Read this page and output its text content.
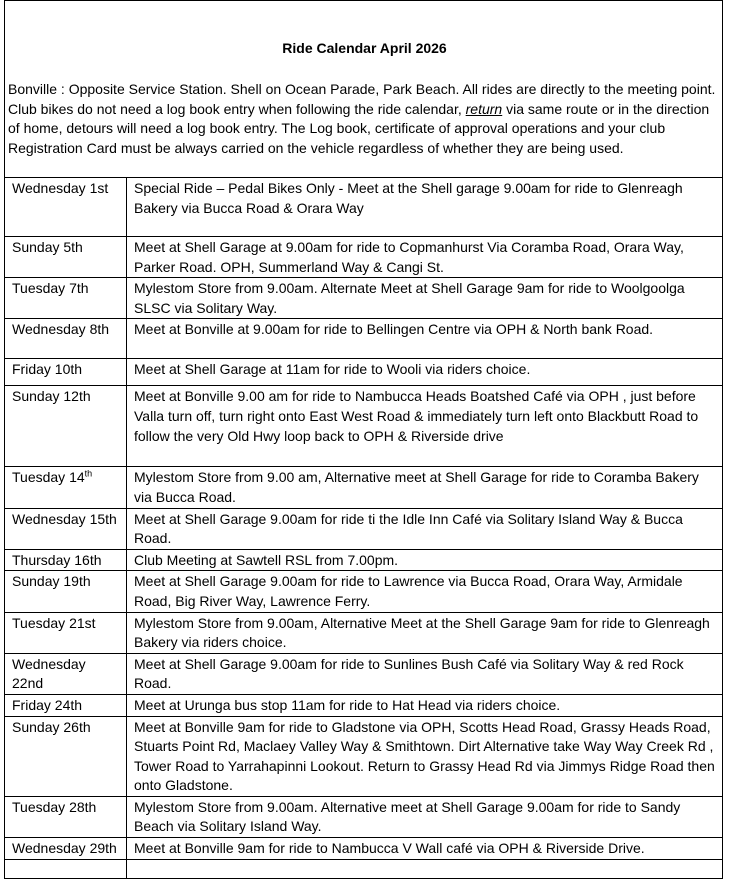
Ride Calendar April 2026
Bonville : Opposite Service Station. Shell on Ocean Parade, Park Beach. All rides are directly to the meeting point. Club bikes do not need a log book entry when following the ride calendar, return via same route or in the direction of home, detours will need a log book entry. The Log book, certificate of approval operations and your club Registration Card must be always carried on the vehicle regardless of whether they are being used.
Wednesday 1st	Special Ride – Pedal Bikes Only - Meet at the Shell garage 9.00am for ride to Glenreagh Bakery via Bucca Road & Orara Way
Sunday 5th	Meet at Shell Garage at 9.00am for ride to Copmanhurst Via Coramba Road, Orara Way, Parker Road. OPH, Summerland Way & Cangi St.
Tuesday 7th	Mylestom Store from 9.00am. Alternate Meet at Shell Garage 9am for ride to Woolgoolga SLSC via Solitary Way.
Wednesday 8th	Meet at Bonville at 9.00am for ride to Bellingen Centre via OPH & North bank Road.
Friday 10th	Meet at Shell Garage at 11am for ride to Wooli via riders choice.
Sunday 12th	Meet at Bonville 9.00 am for ride to Nambucca Heads Boatshed Café via OPH , just before Valla turn off, turn right onto East West Road & immediately turn left onto Blackbutt Road to follow the very Old Hwy loop back to OPH & Riverside drive
Tuesday 14th	Mylestom Store from 9.00 am, Alternative meet at Shell Garage for ride to Coramba Bakery via Bucca Road.
Wednesday 15th	Meet at Shell Garage 9.00am for ride ti the Idle Inn Café via Solitary Island Way & Bucca Road.
Thursday 16th	Club Meeting at Sawtell RSL from 7.00pm.
Sunday 19th	Meet at Shell Garage 9.00am for ride to Lawrence via Bucca Road, Orara Way, Armidale Road, Big River Way, Lawrence Ferry.
Tuesday 21st	Mylestom Store from 9.00am, Alternative Meet at the Shell Garage 9am for ride to Glenreagh Bakery via riders choice.
Wednesday 22nd	Meet at Shell Garage 9.00am for ride to Sunlines Bush Café via Solitary Way & red Rock Road.
Friday 24th	Meet at Urunga bus stop 11am for ride to Hat Head via riders choice.
Sunday 26th	Meet at Bonville 9am for ride to Gladstone via OPH, Scotts Head Road, Grassy Heads Road, Stuarts Point Rd, Maclaey Valley Way & Smithtown. Dirt Alternative take Way Way Creek Rd , Tower Road to Yarrahapinni Lookout. Return to Grassy Head Rd via Jimmys Ridge Road then onto Gladstone.
Tuesday 28th	Mylestom Store from 9.00am. Alternative meet at Shell Garage 9.00am for ride to Sandy Beach via Solitary Island Way.
Wednesday 29th	Meet at Bonville 9am for ride to Nambucca V Wall café via OPH & Riverside Drive.
